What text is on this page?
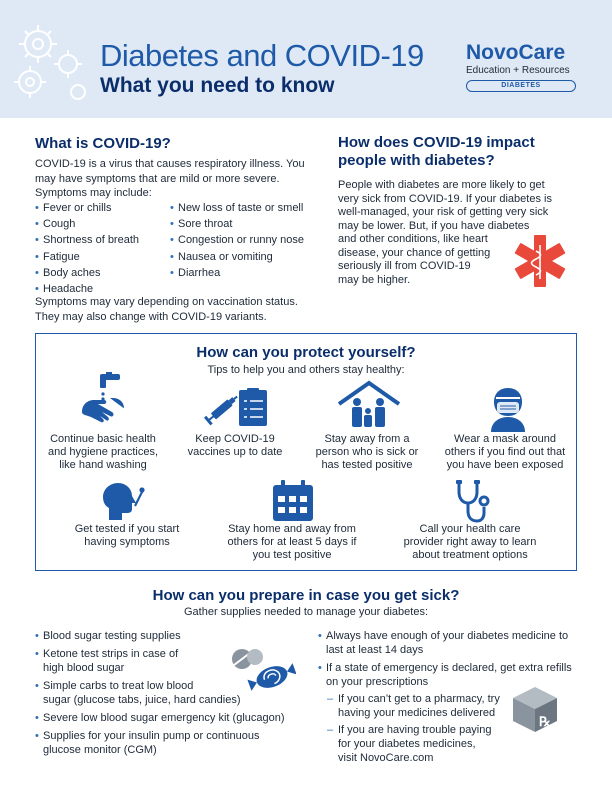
Diabetes and COVID-19
What you need to know
NovoCare
Education + Resources
DIABETES
What is COVID-19?
COVID-19 is a virus that causes respiratory illness. You
may have symptoms that are mild or more severe.
Symptoms may include:
• Fever or chills
• Cough
• Shortness of breath
• Fatigue
• Body aches
• Headache
• New loss of taste or smell
• Sore throat
• Congestion or runny nose
• Nausea or vomiting
• Diarrhea
Symptoms may vary depending on vaccination status.
They may also change with COVID-19 variants.
How does COVID-19 impact
people with diabetes?
People with diabetes are more likely to get
very sick from COVID-19. If your diabetes is
well-managed, your risk of getting very sick
may be lower. But, if you have diabetes
and other conditions, like heart
disease, your chance of getting
seriously ill from COVID-19
may be higher.
How can you protect yourself?
Tips to help you and others stay healthy:
Continue basic health
and hygiene practices,
like hand washing
Keep COVID-19
vaccines up to date
Stay away from a
person who is sick or
has tested positive
Wear a mask around
others if you find out that
you have been exposed
Get tested if you start
having symptoms
Stay home and away from
others for at least 5 days if
you test positive
Call your health care
provider right away to learn
about treatment options
How can you prepare in case you get sick?
Gather supplies needed to manage your diabetes:
• Blood sugar testing supplies
• Ketone test strips in case of
high blood sugar
• Simple carbs to treat low blood
sugar (glucose tabs, juice, hard candies)
• Severe low blood sugar emergency kit (glucagon)
• Supplies for your insulin pump or continuous
glucose monitor (CGM)
• Always have enough of your diabetes medicine to
last at least 14 days
• If a state of emergency is declared, get extra refills
on your prescriptions
– If you can’t get to a pharmacy, try
having your medicines delivered
– If you are having trouble paying
for your diabetes medicines,
visit NovoCare.com
℞
